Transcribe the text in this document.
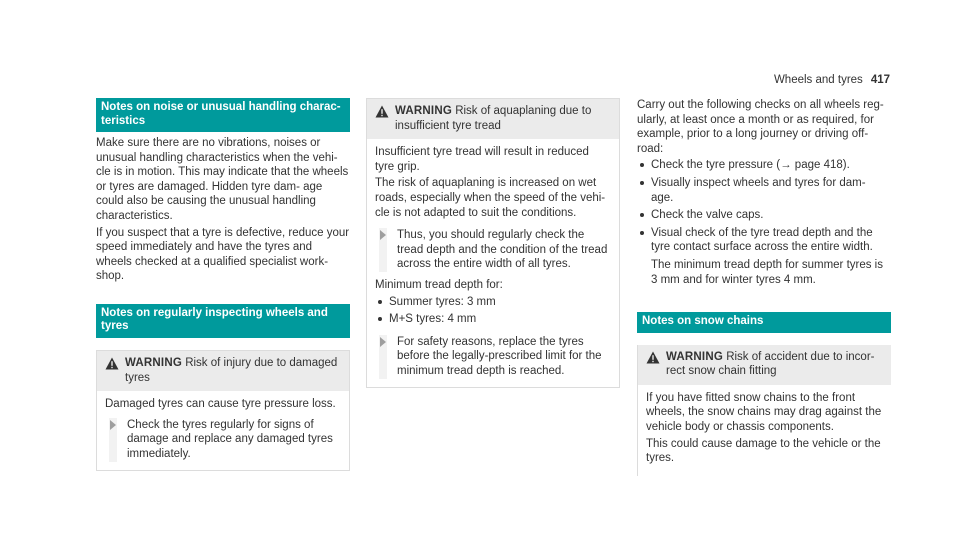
Wheels and tyres 417
Notes on noise or unusual handling charac- teristics

Make sure there are no vibrations, noises or unusual handling characteristics when the vehi- cle is in motion. This may indicate that the wheels or tyres are damaged. Hidden tyre dam- age could also be causing the unusual handling characteristics.

If you suspect that a tyre is defective, reduce your speed immediately and have the tyres and wheels checked at a qualified specialist work- shop.

Notes on regularly inspecting wheels and tyres
WARNING Risk of injury due to damaged tyres

Damaged tyres can cause tyre pressure loss.

Check the tyres regularly for signs of damage and replace any damaged tyres immediately.
WARNING Risk of aquaplaning due to insufficient tyre tread

Insufficient tyre tread will result in reduced tyre grip.

The risk of aquaplaning is increased on wet roads, especially when the speed of the vehi- cle is not adapted to suit the conditions.

Thus, you should regularly check the tread depth and the condition of the tread across the entire width of all tyres.

Minimum tread depth for:

Summer tyres: 3 mm
M+S tyres: 4 mm
For safety reasons, replace the tyres before the legally-prescribed limit for the minimum tread depth is reached.

Carry out the following checks on all wheels reg- ularly, at least once a month or as required, for example, prior to a long journey or driving off- road:

Check the tyre pressure (→ page 418).
Visually inspect wheels and tyres for dam- age.
Check the valve caps.
Visual check of the tyre tread depth and the tyre contact surface across the entire width.

The minimum tread depth for summer tyres is 3 mm and for winter tyres 4 mm.

Notes on snow chains
WARNING Risk of accident due to incor- rect snow chain fitting

If you have fitted snow chains to the front wheels, the snow chains may drag against the vehicle body or chassis components.

This could cause damage to the vehicle or the tyres.
